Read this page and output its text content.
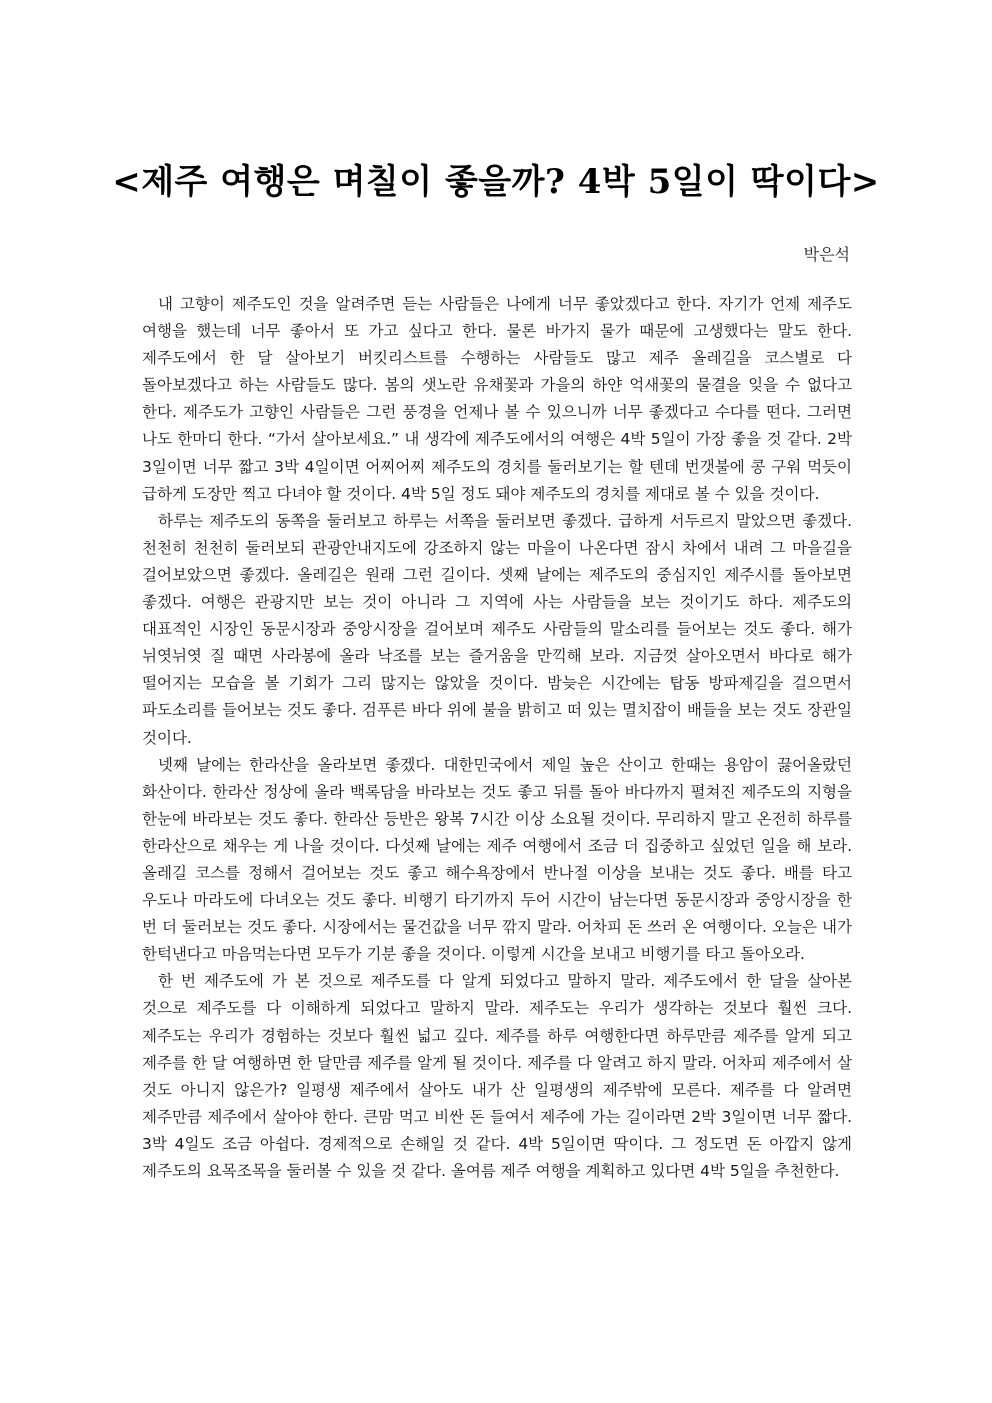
<제주 여행은 며칠이 좋을까? 4박 5일이 딱이다>
박은석

내 고향이 제주도인 것을 알려주면 듣는 사람들은 나에게 너무 좋았겠다고 한다. 자기가 언제 제주도 여행을 했는데 너무 좋아서 또 가고 싶다고 한다. 물론 바가지 물가 때문에 고생했다는 말도 한다. 제주도에서 한 달 살아보기 버킷리스트를 수행하는 사람들도 많고 제주 올레길을 코스별로 다 돌아보겠다고 하는 사람들도 많다. 봄의 샛노란 유채꽃과 가을의 하얀 억새꽃의 물결을 잊을 수 없다고 한다. 제주도가 고향인 사람들은 그런 풍경을 언제나 볼 수 있으니까 너무 좋겠다고 수다를 떤다. 그러면 나도 한마디 한다. “가서 살아보세요.” 내 생각에 제주도에서의 여행은 4박 5일이 가장 좋을 것 같다. 2박 3일이면 너무 짧고 3박 4일이면 어찌어찌 제주도의 경치를 둘러보기는 할 텐데 번갯불에 콩 구워 먹듯이 급하게 도장만 찍고 다녀야 할 것이다. 4박 5일 정도 돼야 제주도의 경치를 제대로 볼 수 있을 것이다.

하루는 제주도의 동쪽을 둘러보고 하루는 서쪽을 둘러보면 좋겠다. 급하게 서두르지 말았으면 좋겠다. 천천히 천천히 둘러보되 관광안내지도에 강조하지 않는 마을이 나온다면 잠시 차에서 내려 그 마을길을 걸어보았으면 좋겠다. 올레길은 원래 그런 길이다. 셋째 날에는 제주도의 중심지인 제주시를 돌아보면 좋겠다. 여행은 관광지만 보는 것이 아니라 그 지역에 사는 사람들을 보는 것이기도 하다. 제주도의 대표적인 시장인 동문시장과 중앙시장을 걸어보며 제주도 사람들의 말소리를 들어보는 것도 좋다. 해가 뉘엿뉘엿 질 때면 사라봉에 올라 낙조를 보는 즐거움을 만끽해 보라. 지금껏 살아오면서 바다로 해가 떨어지는 모습을 볼 기회가 그리 많지는 않았을 것이다. 밤늦은 시간에는 탑동 방파제길을 걸으면서 파도소리를 들어보는 것도 좋다. 검푸른 바다 위에 불을 밝히고 떠 있는 멸치잡이 배들을 보는 것도 장관일 것이다.

넷째 날에는 한라산을 올라보면 좋겠다. 대한민국에서 제일 높은 산이고 한때는 용암이 끓어올랐던 화산이다. 한라산 정상에 올라 백록담을 바라보는 것도 좋고 뒤를 돌아 바다까지 펼쳐진 제주도의 지형을 한눈에 바라보는 것도 좋다. 한라산 등반은 왕복 7시간 이상 소요될 것이다. 무리하지 말고 온전히 하루를 한라산으로 채우는 게 나을 것이다. 다섯째 날에는 제주 여행에서 조금 더 집중하고 싶었던 일을 해 보라. 올레길 코스를 정해서 걸어보는 것도 좋고 해수욕장에서 반나절 이상을 보내는 것도 좋다. 배를 타고 우도나 마라도에 다녀오는 것도 좋다. 비행기 타기까지 두어 시간이 남는다면 동문시장과 중앙시장을 한 번 더 둘러보는 것도 좋다. 시장에서는 물건값을 너무 깎지 말라. 어차피 돈 쓰러 온 여행이다. 오늘은 내가 한턱낸다고 마음먹는다면 모두가 기분 좋을 것이다. 이렇게 시간을 보내고 비행기를 타고 돌아오라.

한 번 제주도에 가 본 것으로 제주도를 다 알게 되었다고 말하지 말라. 제주도에서 한 달을 살아본 것으로 제주도를 다 이해하게 되었다고 말하지 말라. 제주도는 우리가 생각하는 것보다 훨씬 크다. 제주도는 우리가 경험하는 것보다 훨씬 넓고 깊다. 제주를 하루 여행한다면 하루만큼 제주를 알게 되고 제주를 한 달 여행하면 한 달만큼 제주를 알게 될 것이다. 제주를 다 알려고 하지 말라. 어차피 제주에서 살 것도 아니지 않은가? 일평생 제주에서 살아도 내가 산 일평생의 제주밖에 모른다. 제주를 다 알려면 제주만큼 제주에서 살아야 한다. 큰맘 먹고 비싼 돈 들여서 제주에 가는 길이라면 2박 3일이면 너무 짧다. 3박 4일도 조금 아쉽다. 경제적으로 손해일 것 같다. 4박 5일이면 딱이다. 그 정도면 돈 아깝지 않게 제주도의 요목조목을 둘러볼 수 있을 것 같다. 올여름 제주 여행을 계획하고 있다면 4박 5일을 추천한다.
